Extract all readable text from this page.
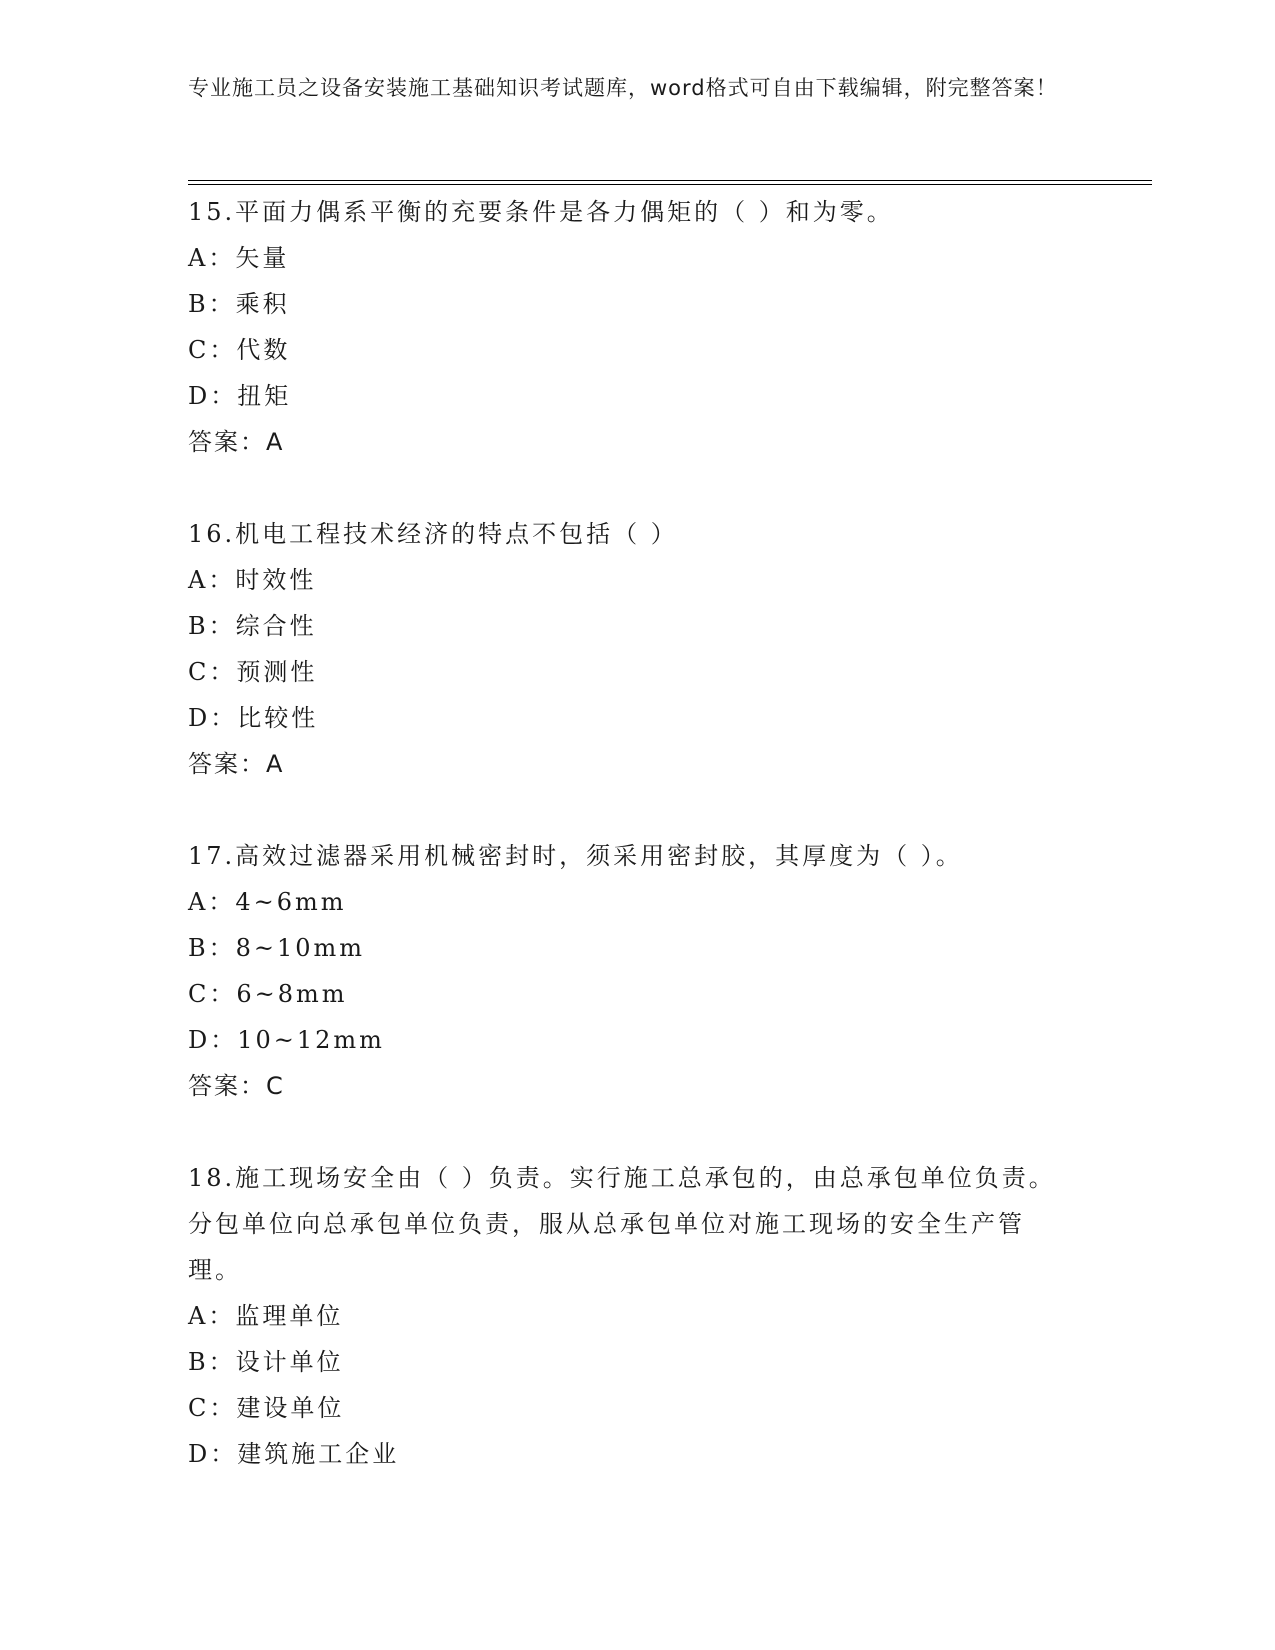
专业施工员之设备安装施工基础知识考试题库，word格式可自由下载编辑，附完整答案！
15.平面力偶系平衡的充要条件是各力偶矩的（ ）和为零。
A：矢量
B：乘积
C：代数
D：扭矩
答案：A
16.机电工程技术经济的特点不包括（ ）
A：时效性
B：综合性
C：预测性
D：比较性
答案：A
17.高效过滤器采用机械密封时，须采用密封胶，其厚度为（ ）。
A：4~6mm
B：8~10mm
C：6~8mm
D：10~12mm
答案：C
18.施工现场安全由（ ）负责。实行施工总承包的，由总承包单位负责。分包单位向总承包单位负责，服从总承包单位对施工现场的安全生产管理。
A：监理单位
B：设计单位
C：建设单位
D：建筑施工企业
